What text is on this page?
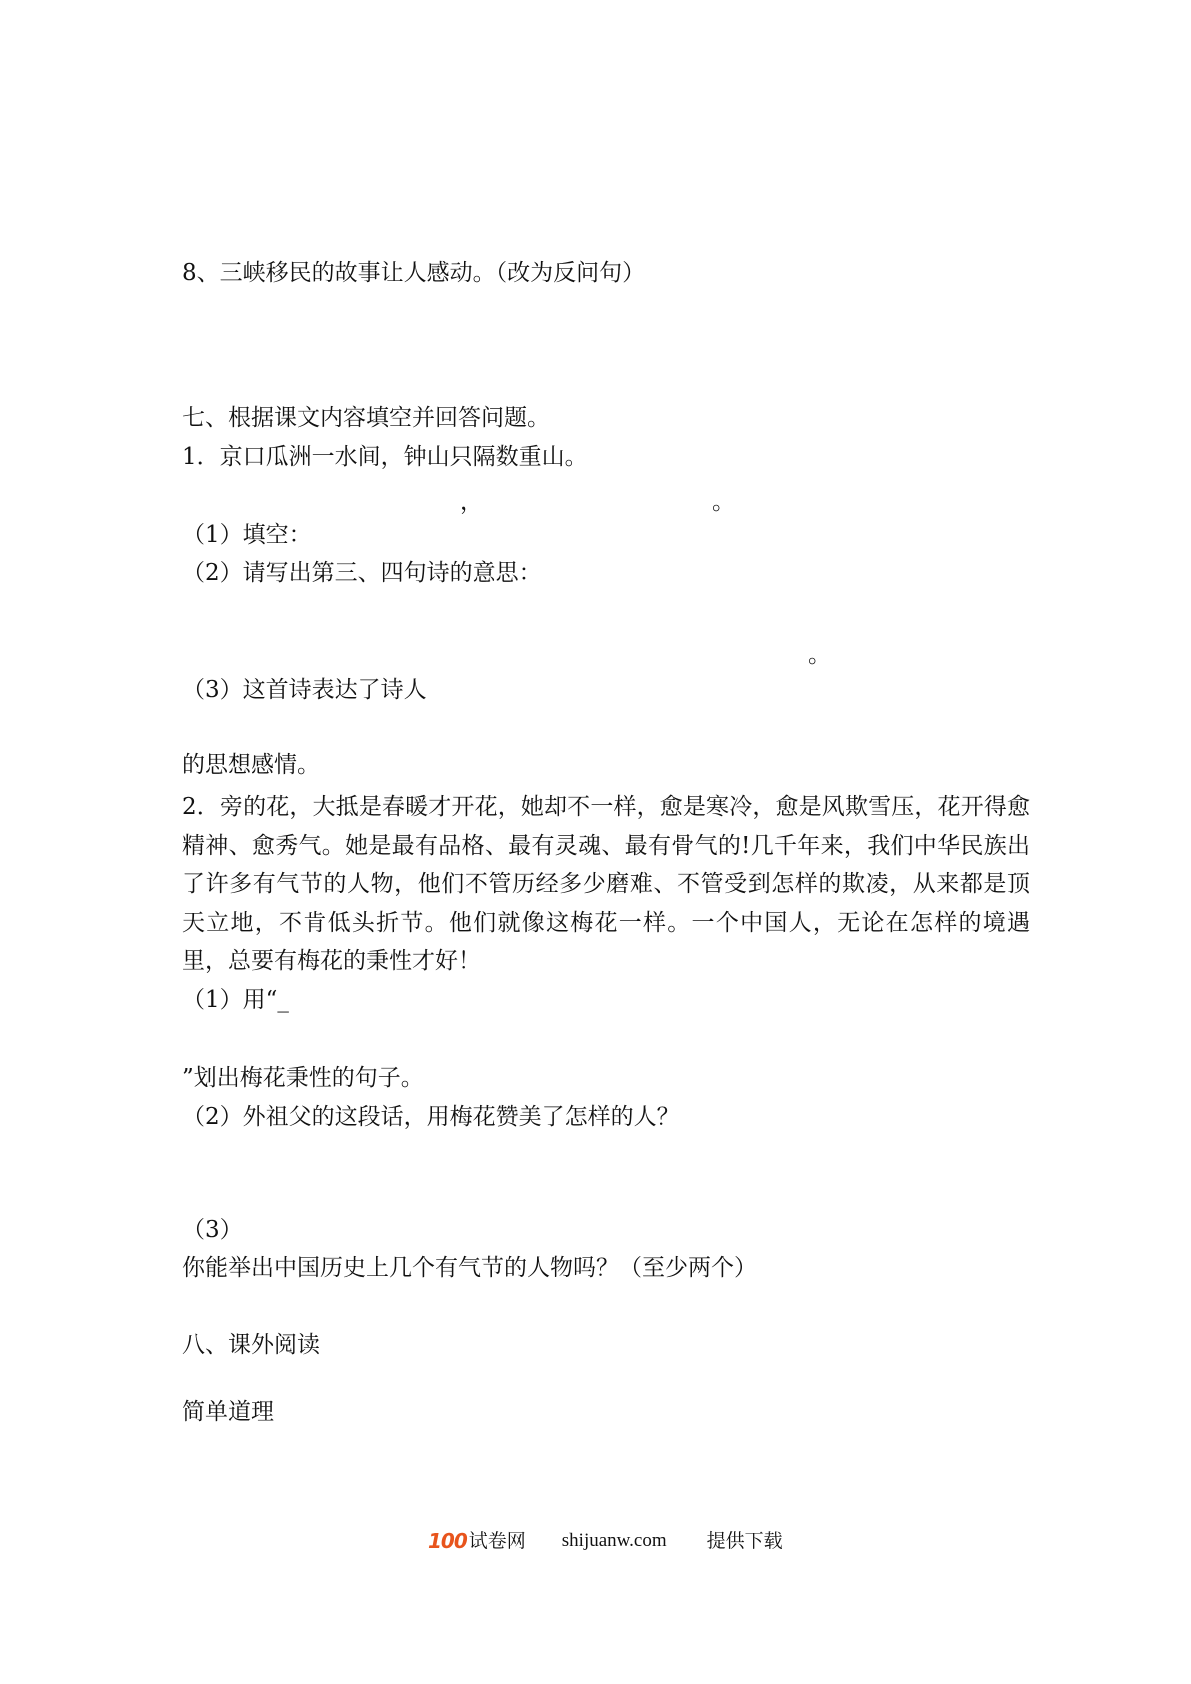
8、三峡移民的故事让人感动。（改为反问句）
七、根据课文内容填空并回答问题。
1．京口瓜洲一水间，钟山只隔数重山。
，	。
（1）填空：
（2）请写出第三、四句诗的意思：
。
（3）这首诗表达了诗人
的思想感情。
2．旁的花，大抵是春暖才开花，她却不一样，愈是寒冷，愈是风欺雪压，花开得愈精神、愈秀气。她是最有品格、最有灵魂、最有骨气的!几千年来，我们中华民族出了许多有气节的人物，他们不管历经多少磨难、不管受到怎样的欺凌，从来都是顶天立地，不肯低头折节。他们就像这梅花一样。一个中国人，无论在怎样的境遇里，总要有梅花的秉性才好！
（1）用“_
”划出梅花秉性的句子。
（2）外祖父的这段话，用梅花赞美了怎样的人？
（3）
你能举出中国历史上几个有气节的人物吗？（至少两个）
八、课外阅读
简单道理
100 试卷网 shijuanw.com 提供下载
